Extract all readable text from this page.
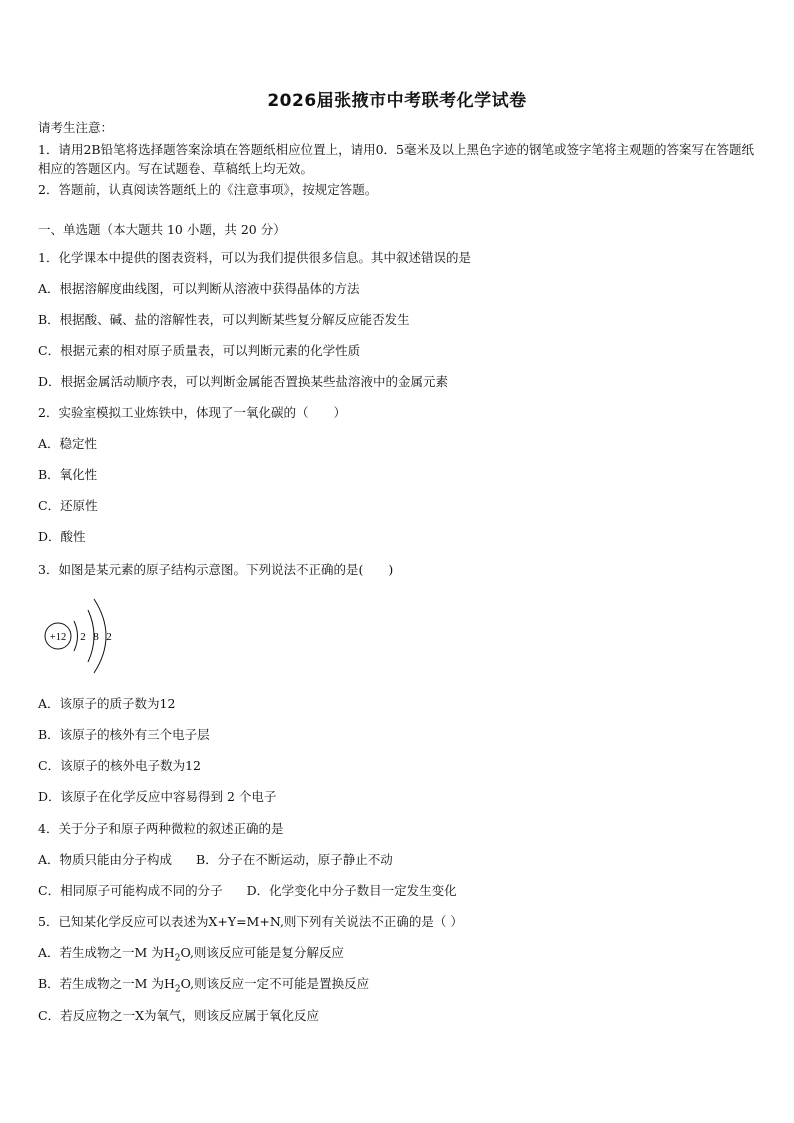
2026届张掖市中考联考化学试卷
请考生注意：
1．请用2B铅笔将选择题答案涂填在答题纸相应位置上，请用0．5毫米及以上黑色字迹的钢笔或签字笔将主观题的答案写在答题纸相应的答题区内。写在试题卷、草稿纸上均无效。
2．答题前，认真阅读答题纸上的《注意事项》，按规定答题。
一、单选题（本大题共 10 小题，共 20 分）
1．化学课本中提供的图表资料，可以为我们提供很多信息。其中叙述错误的是
A．根据溶解度曲线图，可以判断从溶液中获得晶体的方法
B．根据酸、碱、盐的溶解性表，可以判断某些复分解反应能否发生
C．根据元素的相对原子质量表，可以判断元素的化学性质
D．根据金属活动顺序表，可以判断金属能否置换某些盐溶液中的金属元素
2．实验室模拟工业炼铁中，体现了一氧化碳的（　　）
A．稳定性
B．氧化性
C．还原性
D．酸性
3．如图是某元素的原子结构示意图。下列说法不正确的是(　　)
+12 2 8 2
A．该原子的质子数为12
B．该原子的核外有三个电子层
C．该原子的核外电子数为12
D．该原子在化学反应中容易得到 2 个电子
4．关于分子和原子两种微粒的叙述正确的是
A．物质只能由分子构成 B．分子在不断运动，原子静止不动
C．相同原子可能构成不同的分子 D．化学变化中分子数目一定发生变化
5．已知某化学反应可以表述为X+Y=M+N,则下列有关说法不正确的是（ ）
A．若生成物之一M 为$H_2O$,则该反应可能是复分解反应
B．若生成物之一M 为$H_2O$,则该反应一定不可能是置换反应
C．若反应物之一X为氧气，则该反应属于氧化反应
